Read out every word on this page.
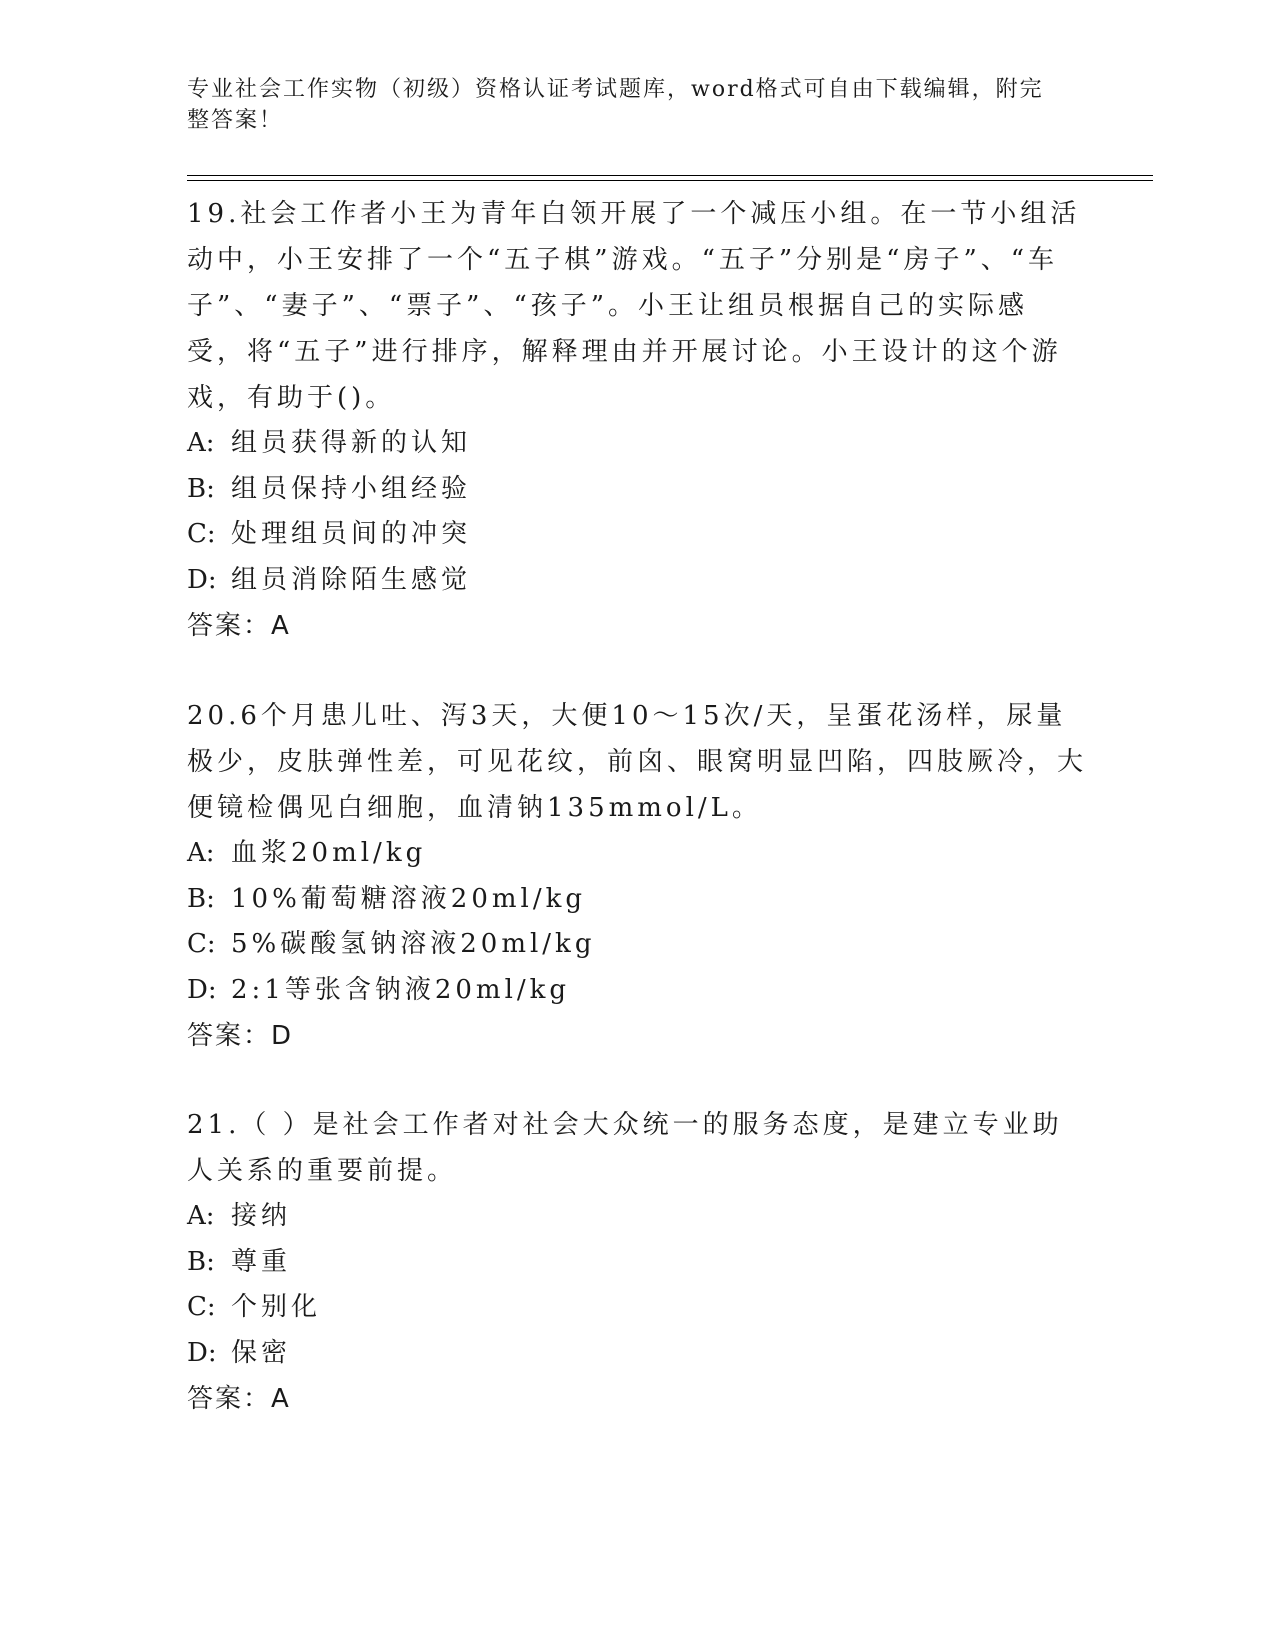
专业社会工作实物（初级）资格认证考试题库，word格式可自由下载编辑，附完整答案！

19.社会工作者小王为青年白领开展了一个减压小组。在一节小组活动中，小王安排了一个“五子棋”游戏。“五子”分别是“房子”、“车子”、“妻子”、“票子”、“孩子”。小王让组员根据自己的实际感受，将“五子”进行排序，解释理由并开展讨论。小王设计的这个游戏，有助于()。

A: 组员获得新的认知
B: 组员保持小组经验
C: 处理组员间的冲突
D: 组员消除陌生感觉
答案：A

20.6个月患儿吐、泻3天，大便10～15次/天，呈蛋花汤样，尿量极少，皮肤弹性差，可见花纹，前囟、眼窝明显凹陷，四肢厥冷，大便镜检偶见白细胞，血清钠135mmol/L。

A: 血浆20ml/kg
B: 10%葡萄糖溶液20ml/kg
C: 5%碳酸氢钠溶液20ml/kg
D: 2:1等张含钠液20ml/kg
答案：D

21.（ ）是社会工作者对社会大众统一的服务态度，是建立专业助人关系的重要前提。

A: 接纳
B: 尊重
C: 个别化
D: 保密
答案：A
